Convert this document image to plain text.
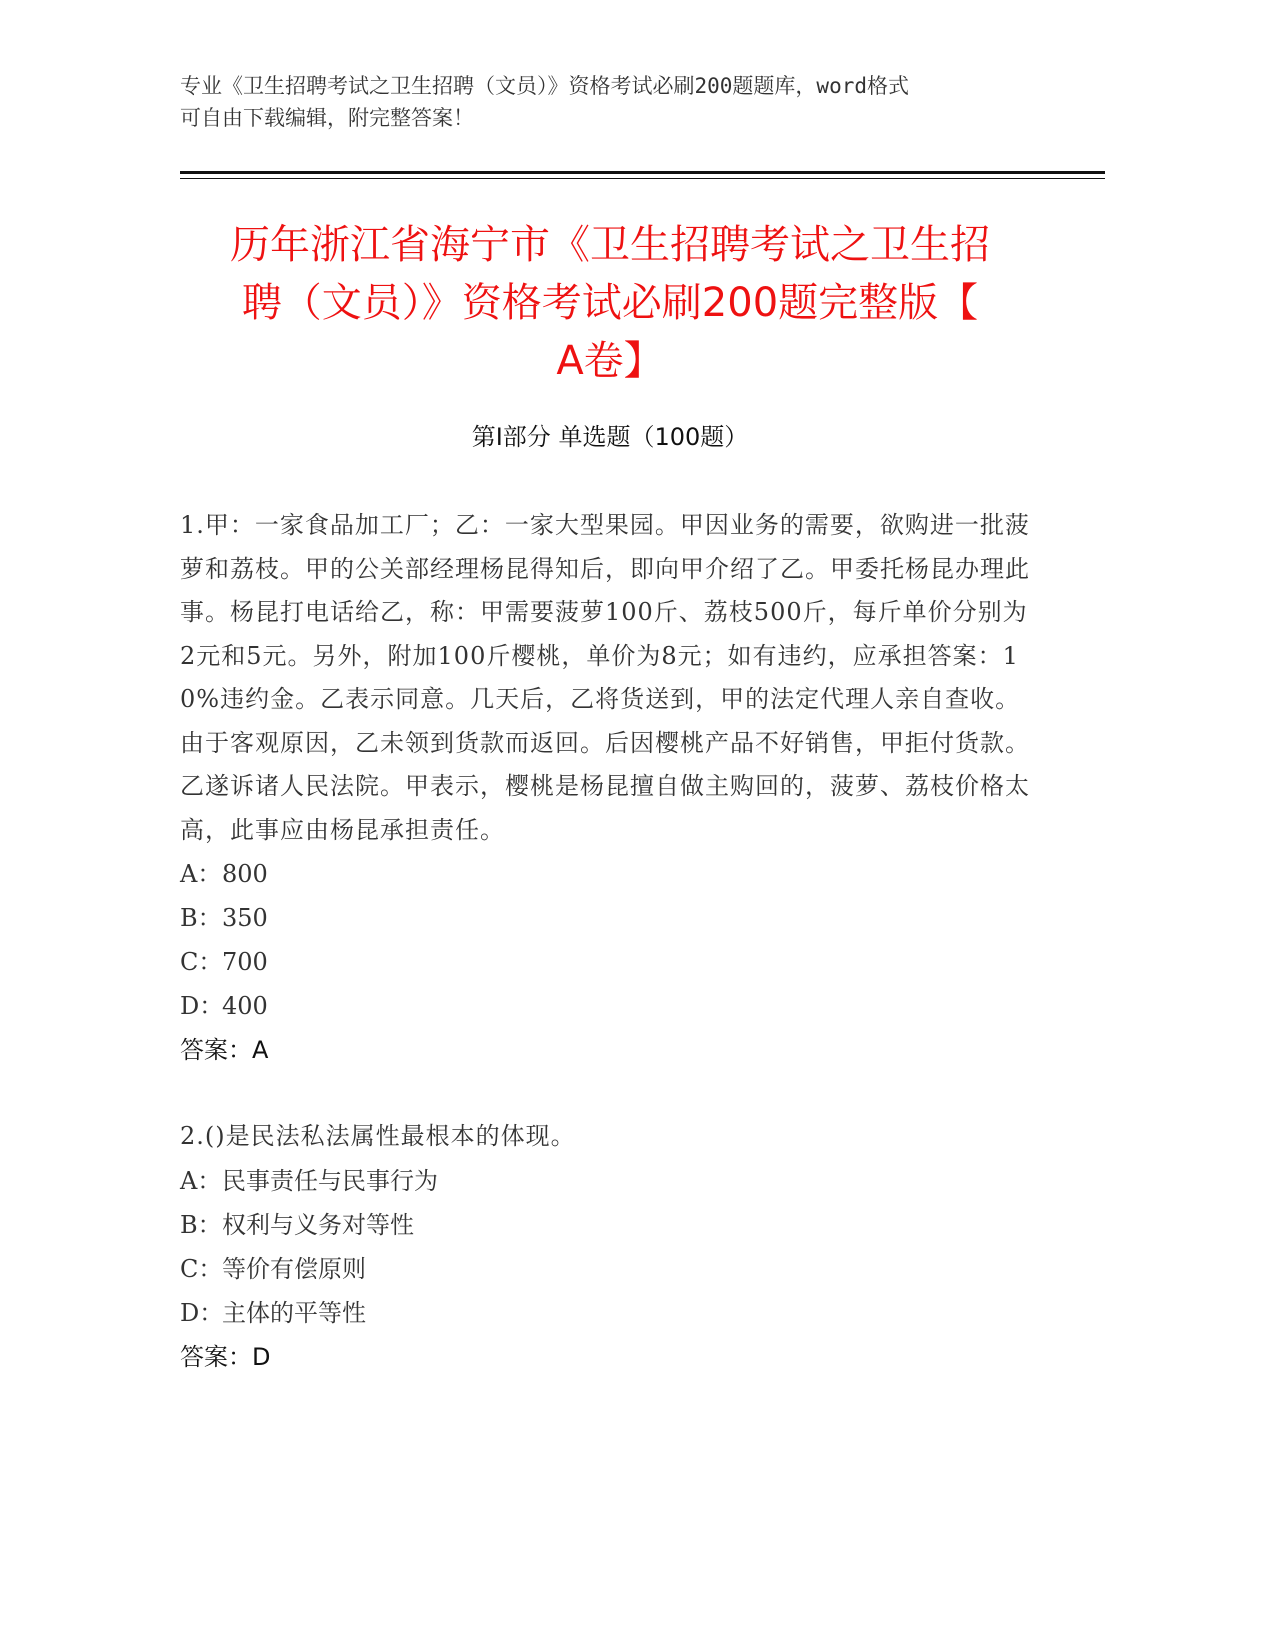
专业《卫生招聘考试之卫生招聘（文员）》资格考试必刷200题题库，word格式
可自由下载编辑，附完整答案！
历年浙江省海宁市《卫生招聘考试之卫生招
聘（文员）》资格考试必刷200题完整版【
A卷】
第I部分 单选题（100题）
1.甲：一家食品加工厂；乙：一家大型果园。甲因业务的需要，欲购进一批菠萝和荔枝。甲的公关部经理杨昆得知后，即向甲介绍了乙。甲委托杨昆办理此事。杨昆打电话给乙，称：甲需要菠萝100斤、荔枝500斤，每斤单价分别为2元和5元。另外，附加100斤樱桃，单价为8元；如有违约，应承担答案：10%违约金。乙表示同意。几天后，乙将货送到，甲的法定代理人亲自查收。由于客观原因，乙未领到货款而返回。后因樱桃产品不好销售，甲拒付货款。乙遂诉诸人民法院。甲表示，樱桃是杨昆擅自做主购回的，菠萝、荔枝价格太高，此事应由杨昆承担责任。
A：800
B：350
C：700
D：400
答案：A
2.()是民法私法属性最根本的体现。
A：民事责任与民事行为
B：权利与义务对等性
C：等价有偿原则
D：主体的平等性
答案：D
